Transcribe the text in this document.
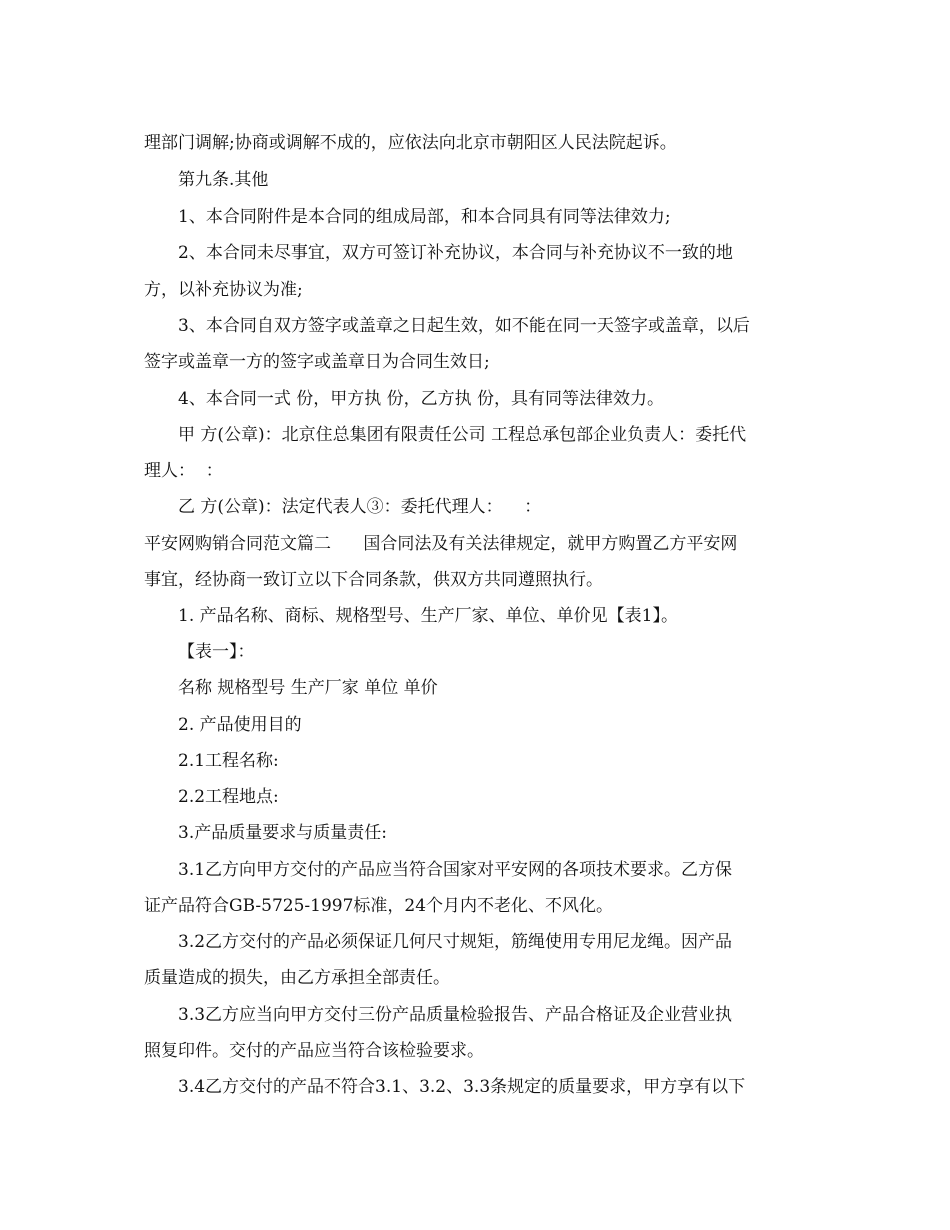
理部门调解;协商或调解不成的，应依法向北京市朝阳区人民法院起诉。
第九条.其他
1、本合同附件是本合同的组成局部，和本合同具有同等法律效力;
2、本合同未尽事宜，双方可签订补充协议，本合同与补充协议不一致的地
方，以补充协议为准;
3、本合同自双方签字或盖章之日起生效，如不能在同一天签字或盖章，以后
签字或盖章一方的签字或盖章日为合同生效日;
4、本合同一式 份，甲方执 份，乙方执 份，具有同等法律效力。
甲 方(公章)：北京住总集团有限责任公司 工程总承包部企业负责人：委托代
理人：  ：
乙 方(公章)：法定代表人③：委托代理人：    ：
平安网购销合同范文篇二      国合同法及有关法律规定，就甲方购置乙方平安网
事宜，经协商一致订立以下合同条款，供双方共同遵照执行。
1. 产品名称、商标、规格型号、生产厂家、单位、单价见【表1】。
【表一】：
名称 规格型号 生产厂家 单位 单价
2. 产品使用目的
2.1工程名称:
2.2工程地点:
3.产品质量要求与质量责任:
3.1乙方向甲方交付的产品应当符合国家对平安网的各项技术要求。乙方保
证产品符合GB-5725-1997标准，24个月内不老化、不风化。
3.2乙方交付的产品必须保证几何尺寸规矩，筋绳使用专用尼龙绳。因产品
质量造成的损失，由乙方承担全部责任。
3.3乙方应当向甲方交付三份产品质量检验报告、产品合格证及企业营业执
照复印件。交付的产品应当符合该检验要求。
3.4乙方交付的产品不符合3.1、3.2、3.3条规定的质量要求，甲方享有以下
